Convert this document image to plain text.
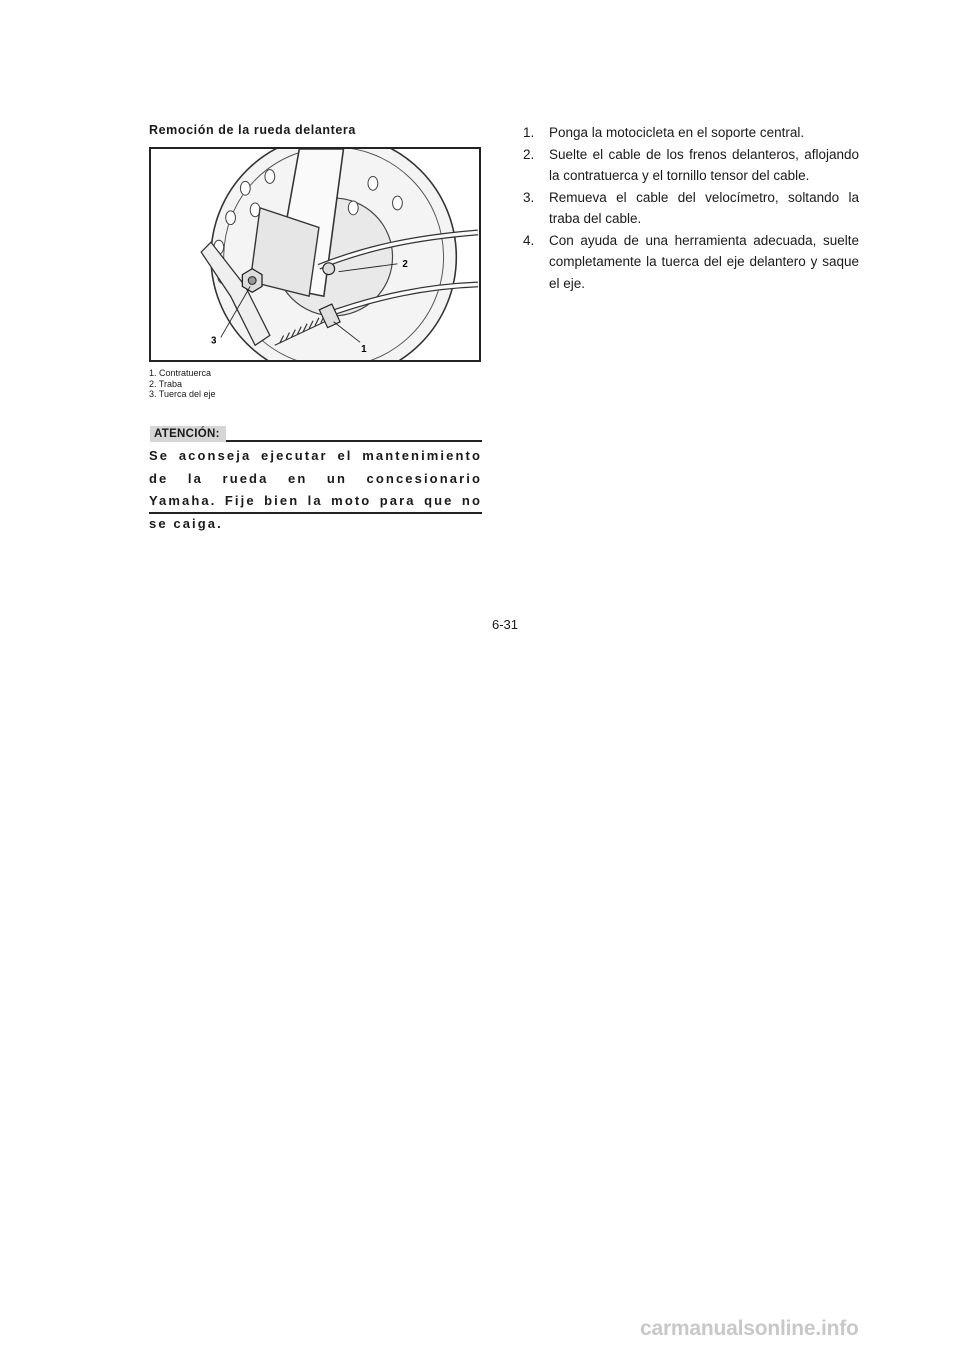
Remoción de la rueda delantera
3
2
1
1. Contratuerca
2. Traba
3. Tuerca del eje
ATENCIÓN:
Se aconseja ejecutar el mantenimiento de la rueda en un concesionario Yamaha. Fije bien la moto para que no se caiga.
1.	Ponga la motocicleta en el soporte central.
2.	Suelte el cable de los frenos delanteros, aflojando la contratuerca y el tornillo tensor del cable.
3.	Remueva el cable del velocímetro, soltando la traba del cable.
4.	Con ayuda de una herramienta adecuada, suelte completamente la tuerca del eje delantero y saque el eje.
6-31
carmanualsonline.info
